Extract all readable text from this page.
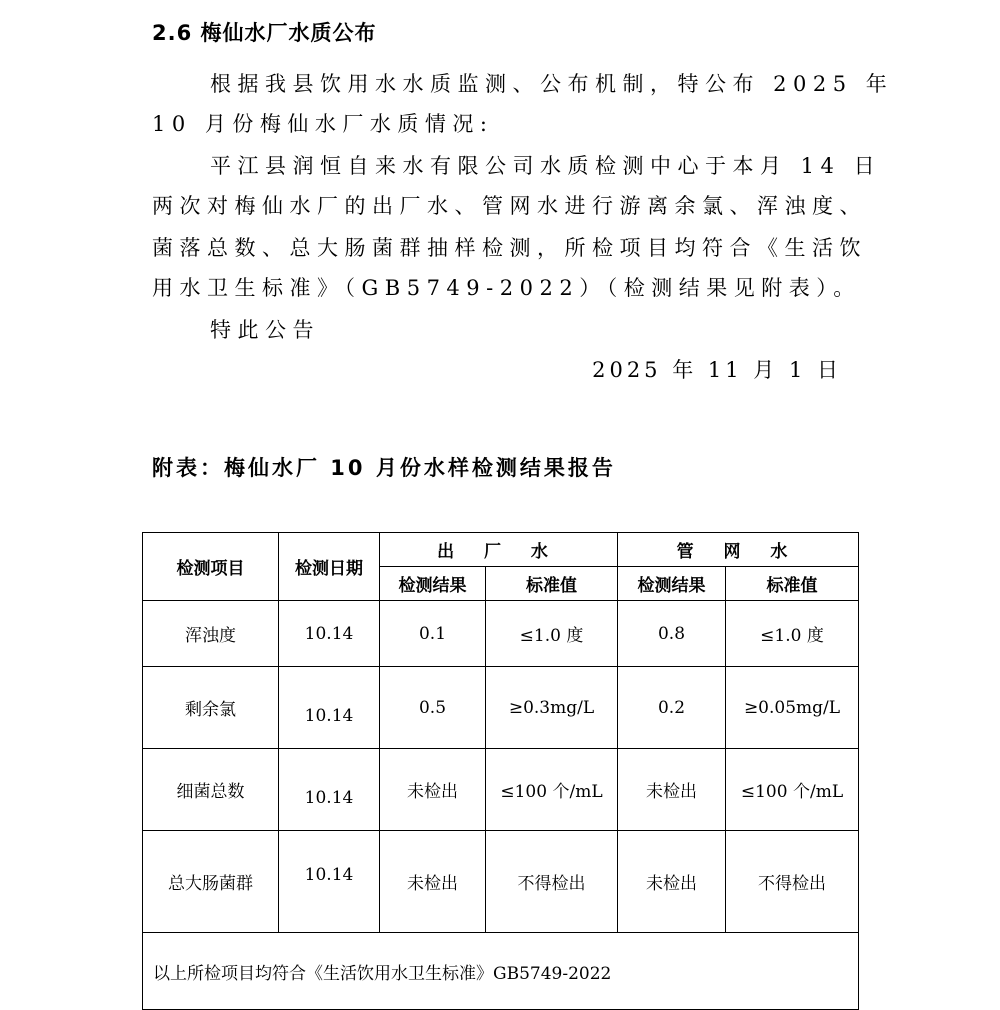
2.6 梅仙水厂水质公布
根据我县饮用水水质监测、公布机制，特公布 2025 年
10 月份梅仙水厂水质情况:
平江县润恒自来水有限公司水质检测中心于本月 14 日
两次对梅仙水厂的出厂水、管网水进行游离余氯、浑浊度、
菌落总数、总大肠菌群抽样检测，所检项目均符合《生活饮
用水卫生标准》（GB5749-2022）（检测结果见附表）。
特此公告
2025 年 11 月 1 日
附表：梅仙水厂 10 月份水样检测结果报告
检测项目	检测日期	出 厂 水		管 网 水	
		检测结果	标准值	检测结果	标准值
浑浊度	10.14	0.1	≤1.0 度	0.8	≤1.0 度
剩余氯	10.14	0.5	≥0.3mg/L	0.2	≥0.05mg/L
细菌总数	10.14	未检出	≤100 个/mL	未检出	≤100 个/mL
总大肠菌群	10.14	未检出	不得检出	未检出	不得检出
以上所检项目均符合《生活饮用水卫生标准》GB5749-2022					
